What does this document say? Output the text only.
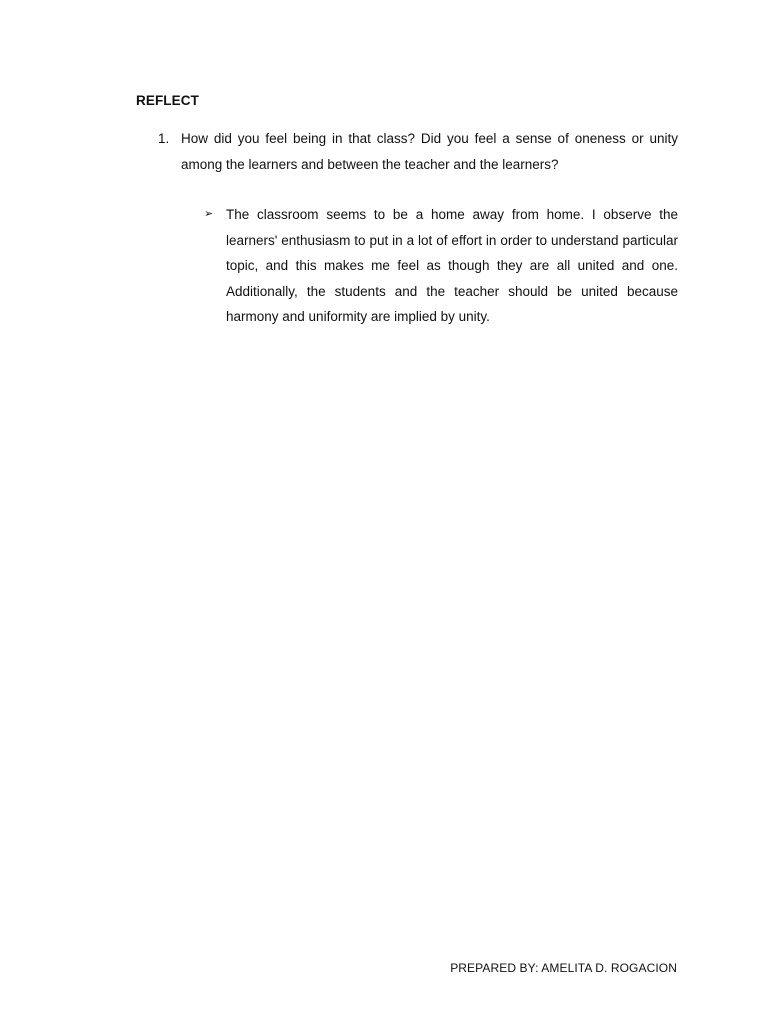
REFLECT
1. How did you feel being in that class? Did you feel a sense of oneness or unity among the learners and between the teacher and the learners?
➢ The classroom seems to be a home away from home. I observe the learners' enthusiasm to put in a lot of effort in order to understand particular topic, and this makes me feel as though they are all united and one. Additionally, the students and the teacher should be united because harmony and uniformity are implied by unity.
PREPARED BY: AMELITA D. ROGACION
